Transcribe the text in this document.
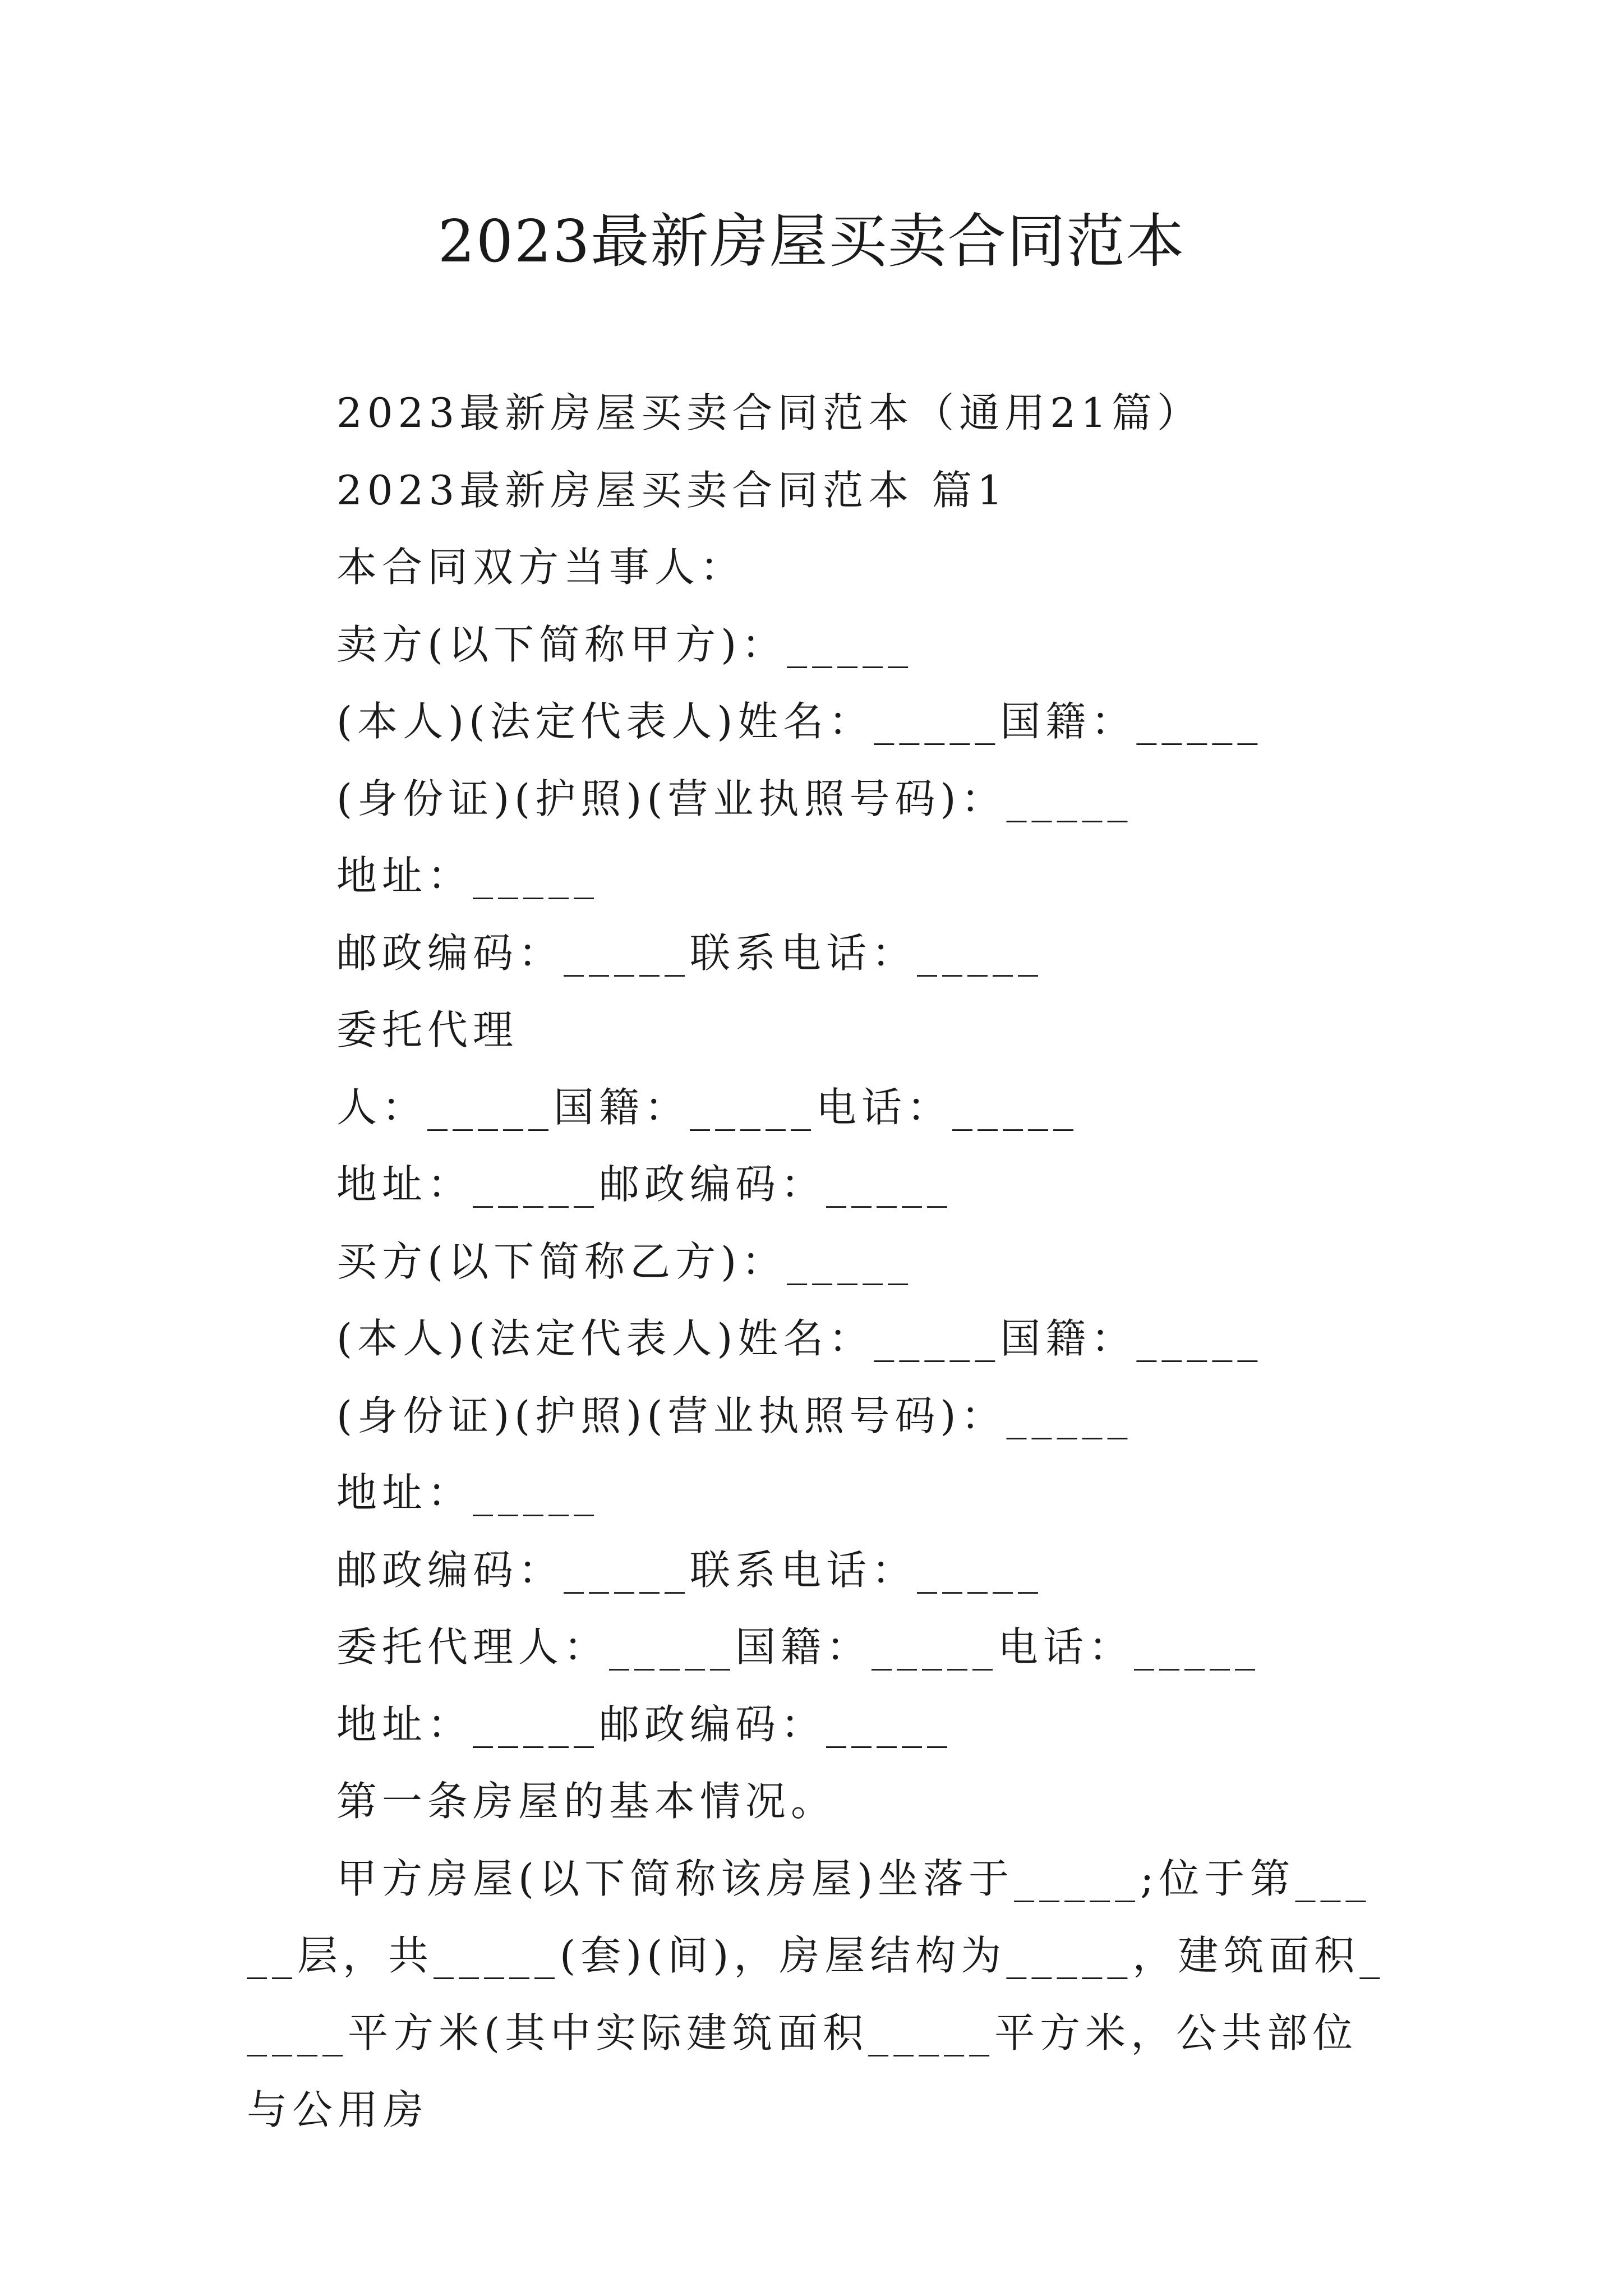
2023最新房屋买卖合同范本

2023最新房屋买卖合同范本（通用21篇）

2023最新房屋买卖合同范本 篇1

本合同双方当事人：

卖方(以下简称甲方)：_____

(本人)(法定代表人)姓名：_____国籍：_____

(身份证)(护照)(营业执照号码)：_____

地址：_____

邮政编码：_____联系电话：_____

委托代理

人：_____国籍：_____电话：_____

地址：_____邮政编码：_____

买方(以下简称乙方)：_____

(本人)(法定代表人)姓名：_____国籍：_____

(身份证)(护照)(营业执照号码)：_____

地址：_____

邮政编码：_____联系电话：_____

委托代理人：_____国籍：_____电话：_____

地址：_____邮政编码：_____

第一条房屋的基本情况。

甲方房屋(以下简称该房屋)坐落于_____;位于第_____层，共_____(套)(间)，房屋结构为_____，建筑面积_____平方米(其中实际建筑面积_____平方米，公共部位与公用房
